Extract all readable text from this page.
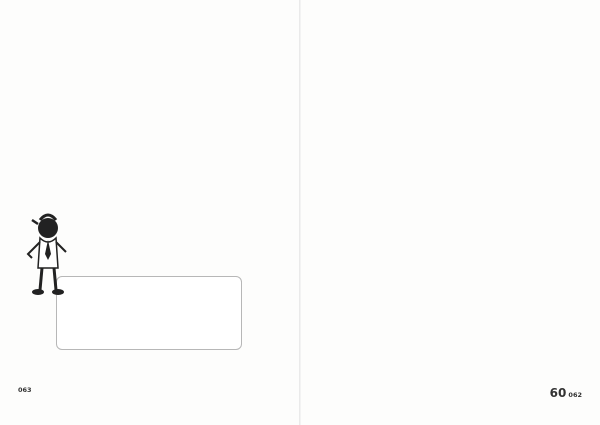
063	60 062
